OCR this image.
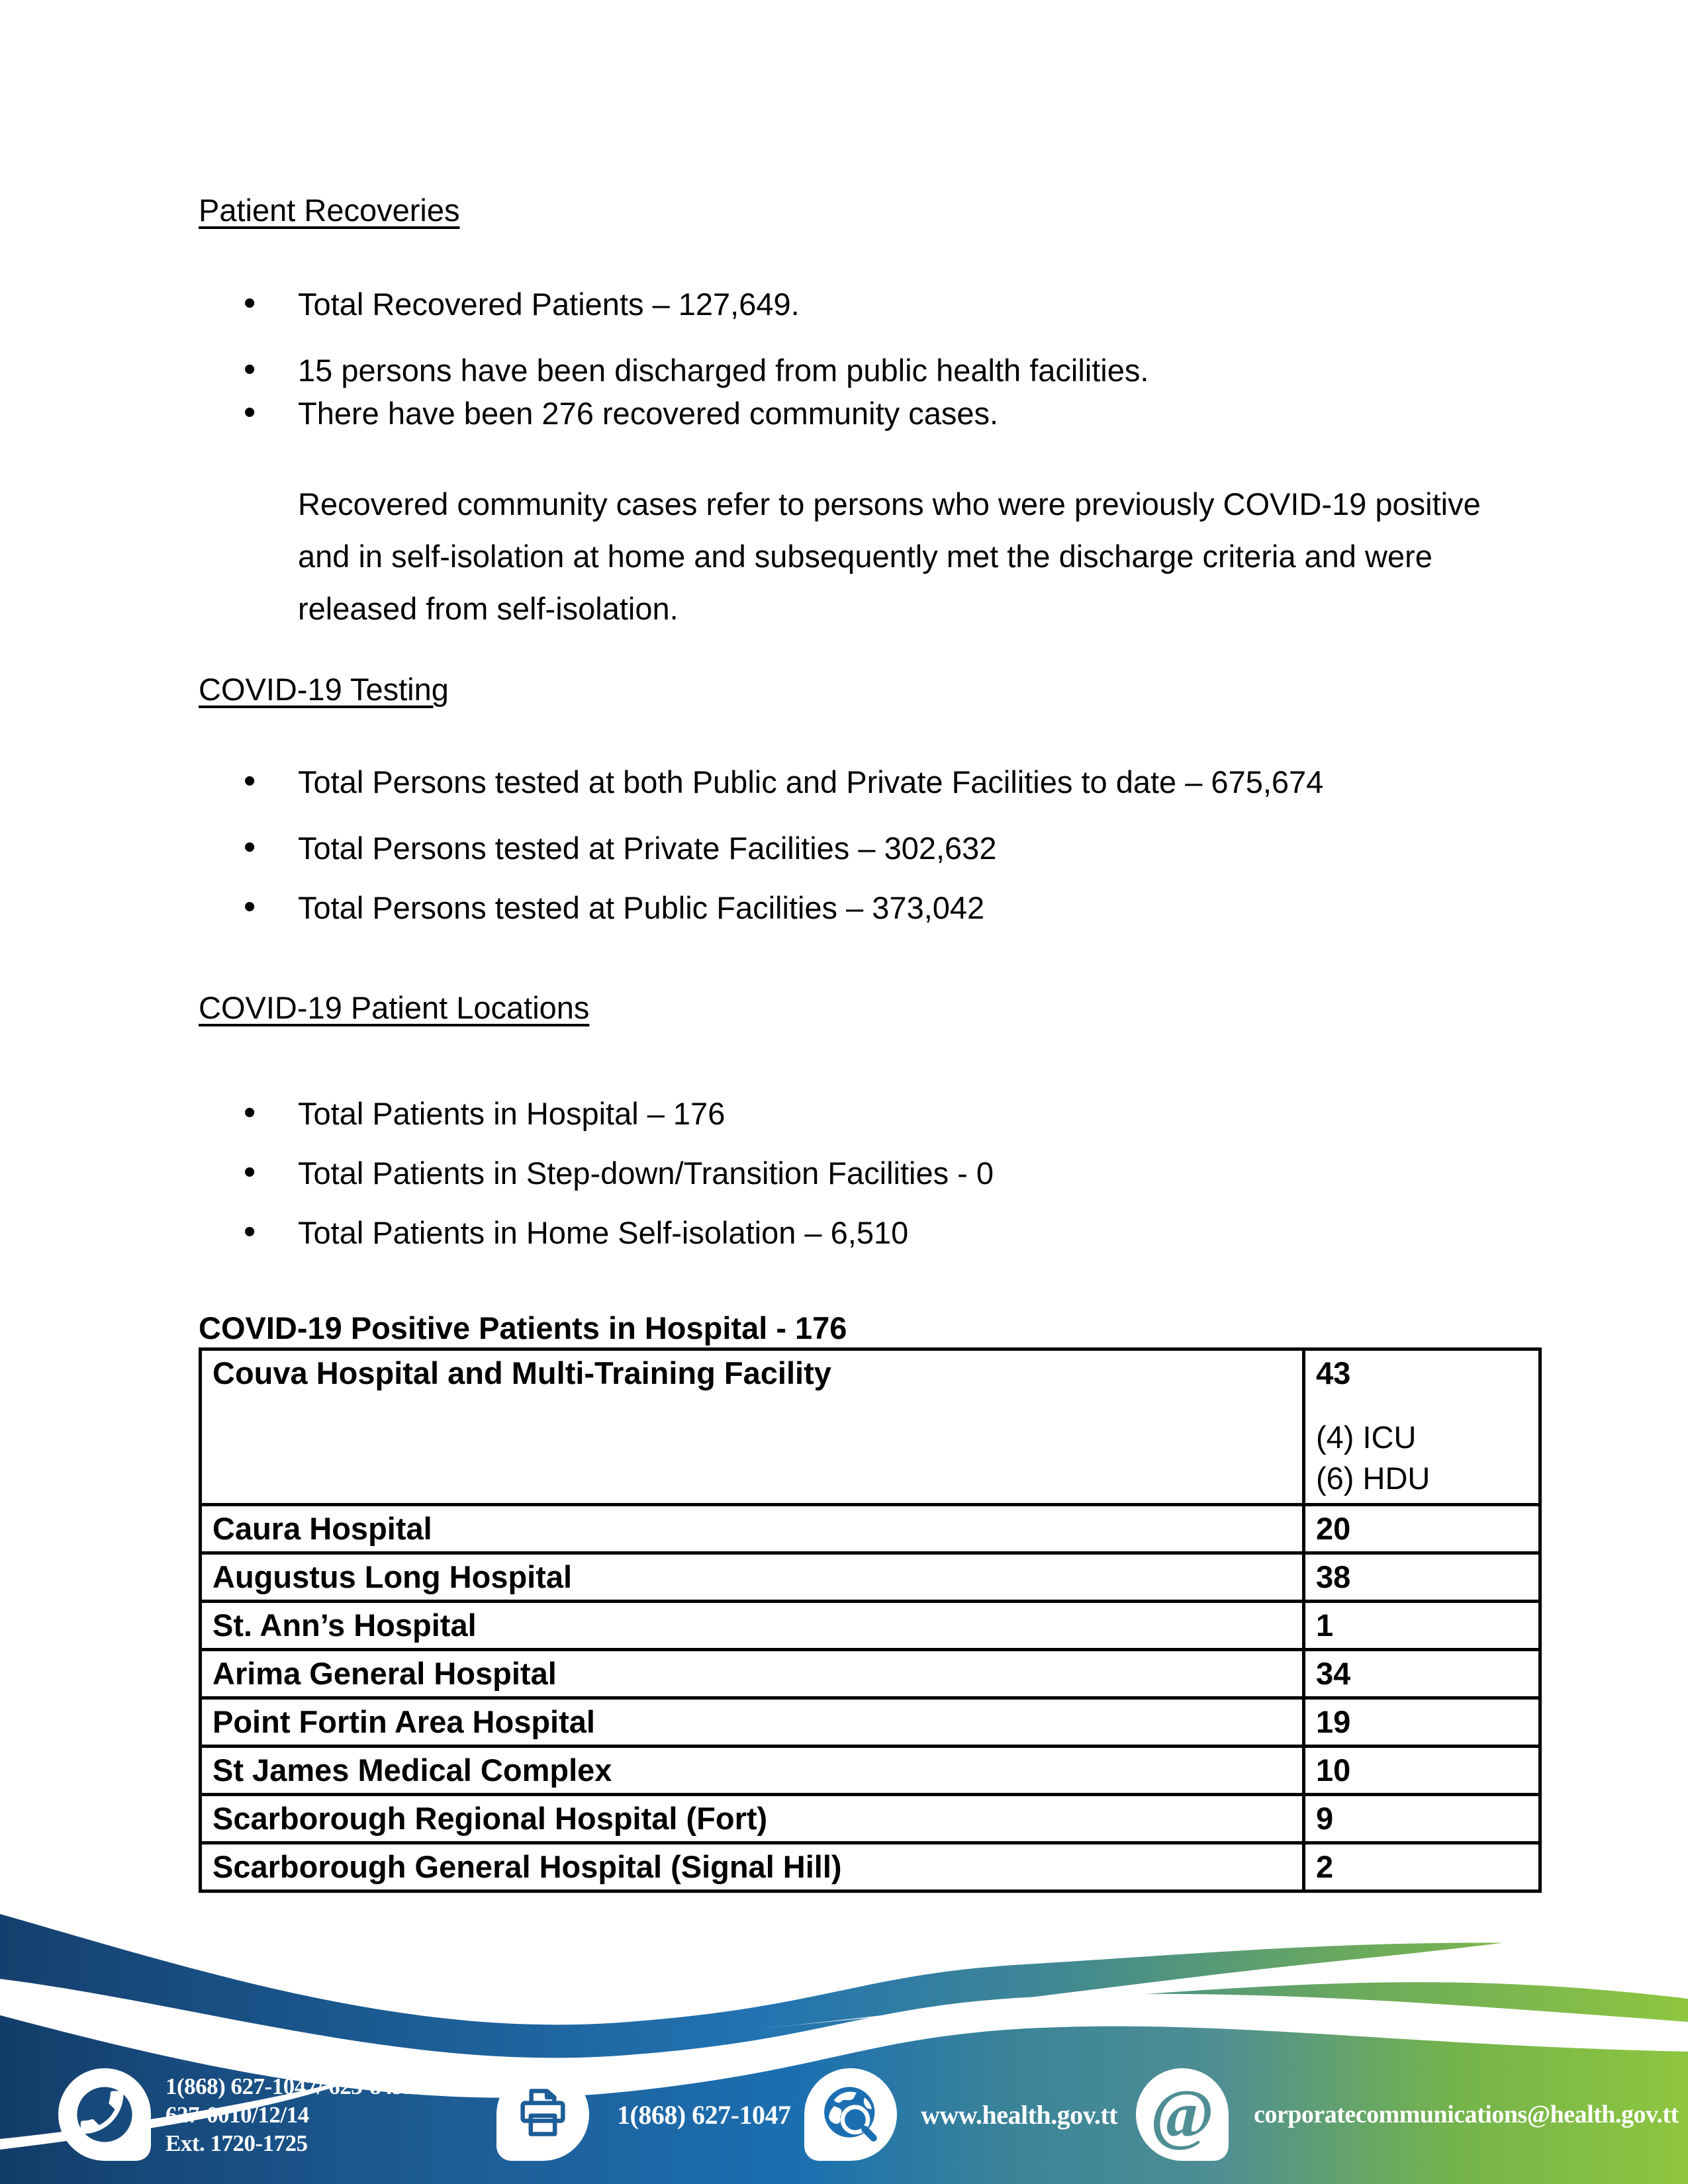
Patient Recoveries
• Total Recovered Patients – 127,649.
• 15 persons have been discharged from public health facilities.
• There have been 276 recovered community cases.

Recovered community cases refer to persons who were previously COVID-19 positive and in self-isolation at home and subsequently met the discharge criteria and were released from self-isolation.

COVID-19 Testing
• Total Persons tested at both Public and Private Facilities to date – 675,674
• Total Persons tested at Private Facilities – 302,632
• Total Persons tested at Public Facilities – 373,042
COVID-19 Patient Locations
• Total Patients in Hospital – 176
• Total Patients in Step-down/Transition Facilities - 0
• Total Patients in Home Self-isolation – 6,510

COVID-19 Positive Patients in Hospital - 176

Couva Hospital and Multi-Training Facility	43
(4) ICU
(6) HDU

Caura Hospital	20
Augustus Long Hospital	38
St. Ann’s Hospital	1
Arima General Hospital	34
Point Fortin Area Hospital	19
St James Medical Complex	10
Scarborough Regional Hospital (Fort)	9
Scarborough General Hospital (Signal Hill)	2
1(868) 627-1047/ 623-8492 or
627-0010/12/14
Ext. 1720-1725
1(868) 627-1047	www.health.gov.tt @ corporatecommunications@health.gov.tt
